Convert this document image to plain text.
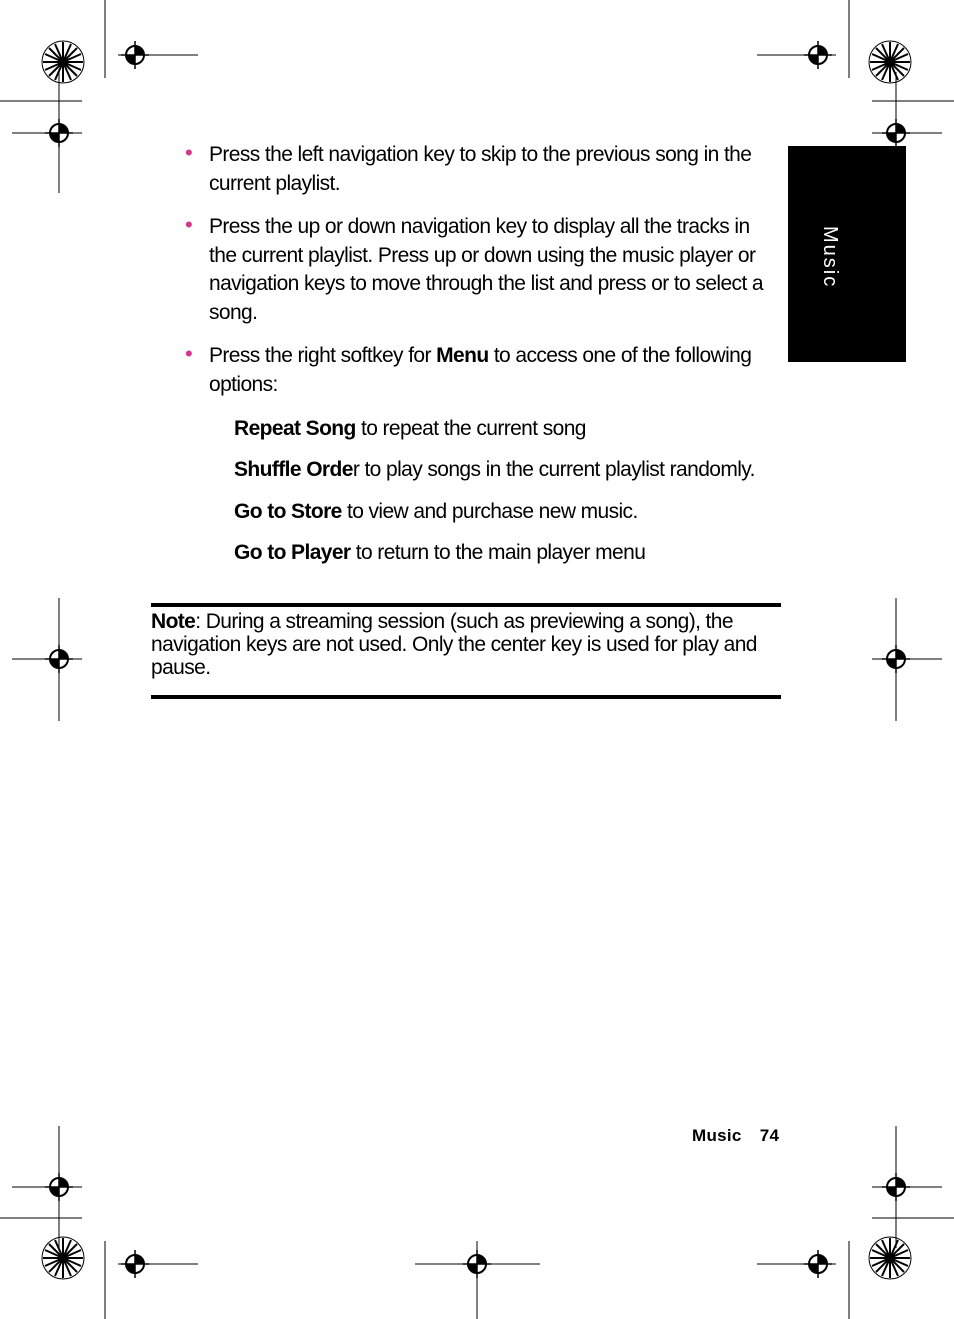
Music
• Press the left navigation key to skip to the previous song in the current playlist.
• Press the up or down navigation key to display all the tracks in the current playlist. Press up or down using the music player or navigation keys to move through the list and press or to select a song.
• Press the right softkey for Menu to access one of the following options:
Repeat Song to repeat the current song
Shuffle Order to play songs in the current playlist randomly.
Go to Store to view and purchase new music.
Go to Player to return to the main player menu
Note: During a streaming session (such as previewing a song), the navigation keys are not used. Only the center key is used for play and pause.
Music 74
